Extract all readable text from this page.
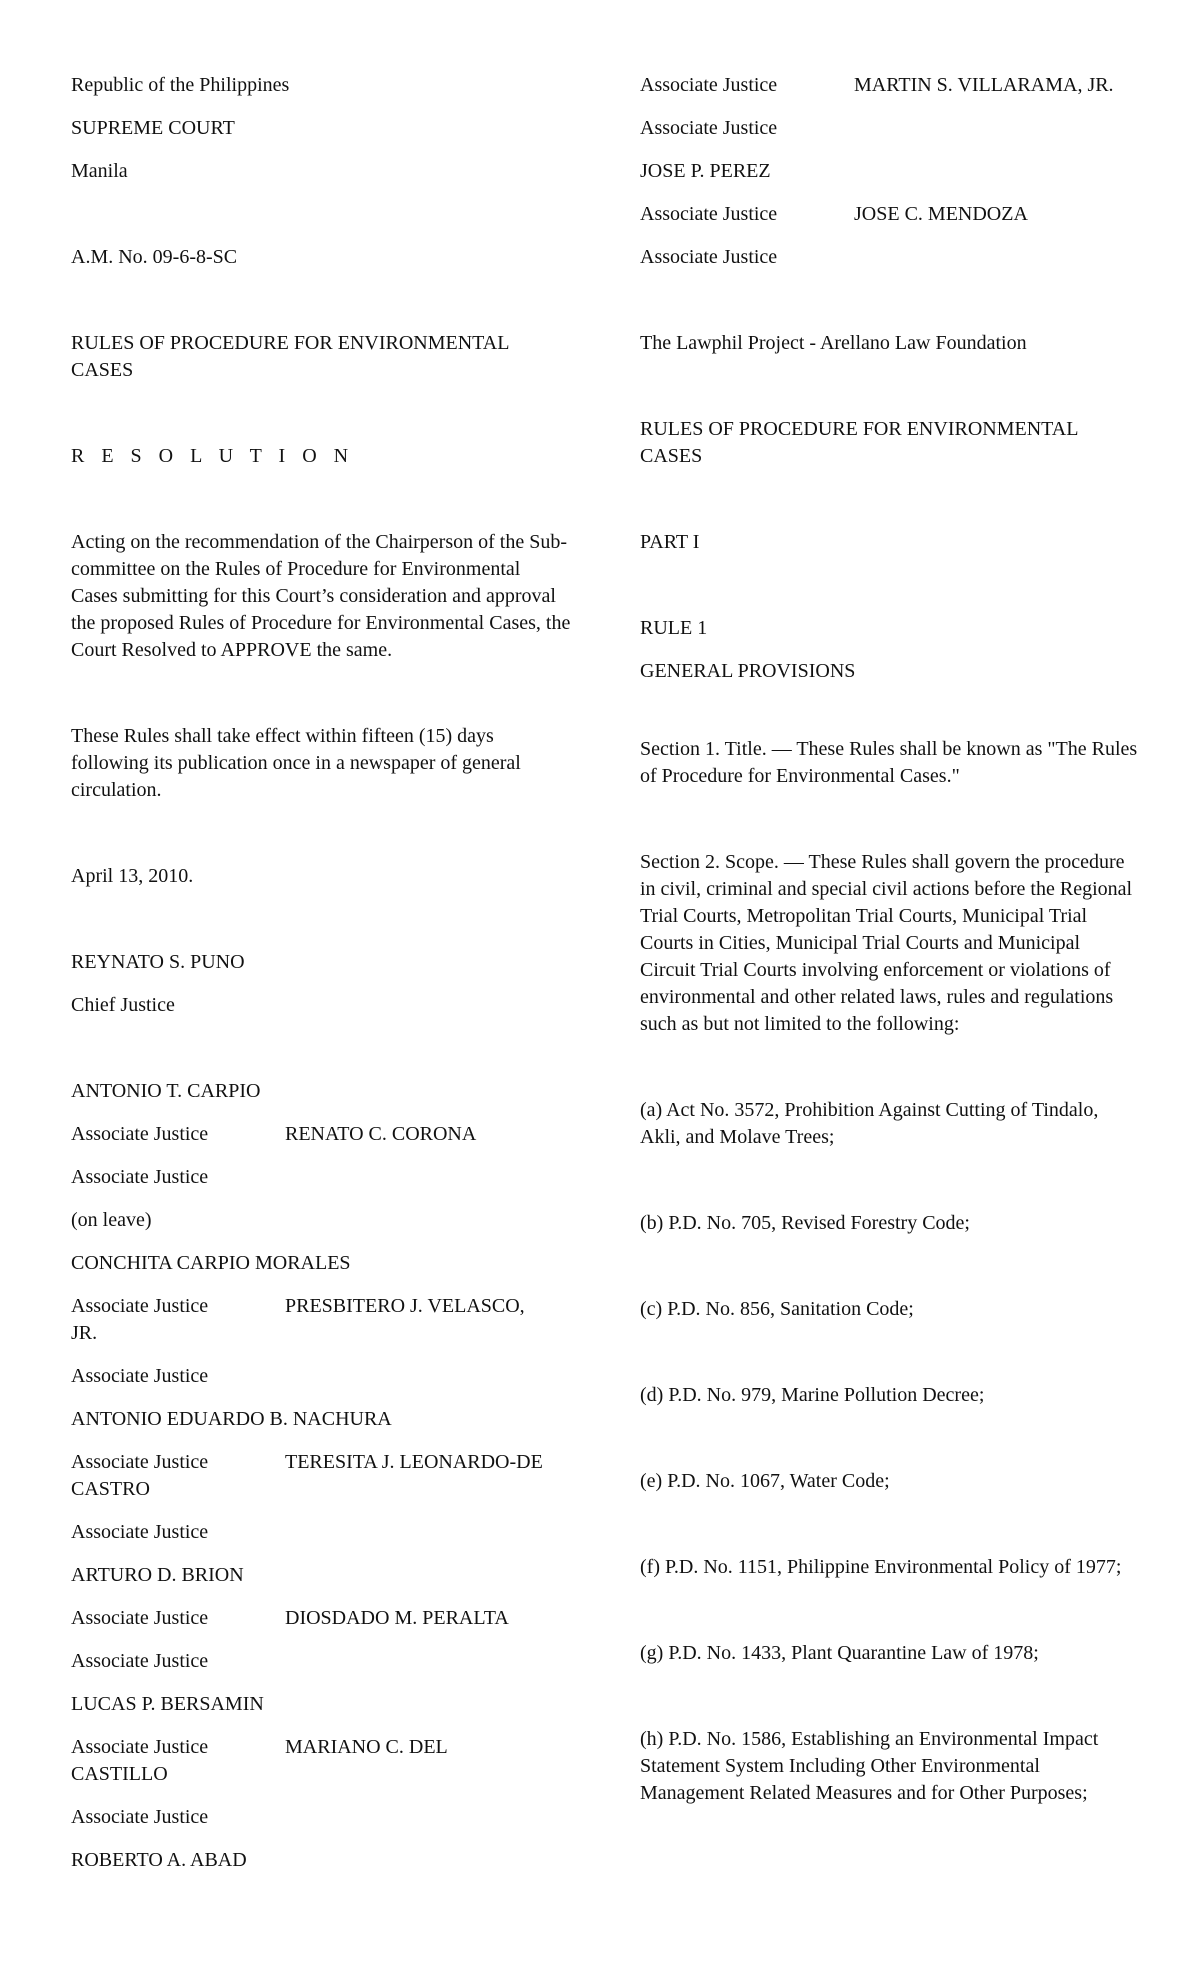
Republic of the Philippines

SUPREME COURT

Manila

A.M. No. 09-6-8-SC

RULES OF PROCEDURE FOR ENVIRONMENTAL CASES

R E S O L U T I O N

Acting on the recommendation of the Chairperson of the Sub-committee on the Rules of Procedure for Environmental Cases submitting for this Court’s consideration and approval the proposed Rules of Procedure for Environmental Cases, the Court Resolved to APPROVE the same.

These Rules shall take effect within fifteen (15) days following its publication once in a newspaper of general circulation.

April 13, 2010.

REYNATO S. PUNO

Chief Justice

ANTONIO T. CARPIO

Associate Justice	RENATO C. CORONA

Associate Justice

(on leave)

CONCHITA CARPIO MORALES

Associate Justice	PRESBITERO J. VELASCO,

JR.

Associate Justice

ANTONIO EDUARDO B. NACHURA

Associate Justice	TERESITA J. LEONARDO-DE

CASTRO

Associate Justice

ARTURO D. BRION

Associate Justice	DIOSDADO M. PERALTA

Associate Justice

LUCAS P. BERSAMIN

Associate Justice	MARIANO C. DEL

CASTILLO

Associate Justice

ROBERTO A. ABAD

Associate Justice	MARTIN S. VILLARAMA, JR.

Associate Justice

JOSE P. PEREZ

Associate Justice	JOSE C. MENDOZA

Associate Justice

The Lawphil Project - Arellano Law Foundation

RULES OF PROCEDURE FOR ENVIRONMENTAL CASES

PART I

RULE 1

GENERAL PROVISIONS

Section 1. Title. — These Rules shall be known as "The Rules of Procedure for Environmental Cases."

Section 2. Scope. — These Rules shall govern the procedure in civil, criminal and special civil actions before the Regional Trial Courts, Metropolitan Trial Courts, Municipal Trial Courts in Cities, Municipal Trial Courts and Municipal Circuit Trial Courts involving enforcement or violations of environmental and other related laws, rules and regulations such as but not limited to the following:

(a) Act No. 3572, Prohibition Against Cutting of Tindalo, Akli, and Molave Trees;

(b) P.D. No. 705, Revised Forestry Code;

(c) P.D. No. 856, Sanitation Code;

(d) P.D. No. 979, Marine Pollution Decree;

(e) P.D. No. 1067, Water Code;

(f) P.D. No. 1151, Philippine Environmental Policy of 1977;

(g) P.D. No. 1433, Plant Quarantine Law of 1978;

(h) P.D. No. 1586, Establishing an Environmental Impact Statement System Including Other Environmental Management Related Measures and for Other Purposes;
